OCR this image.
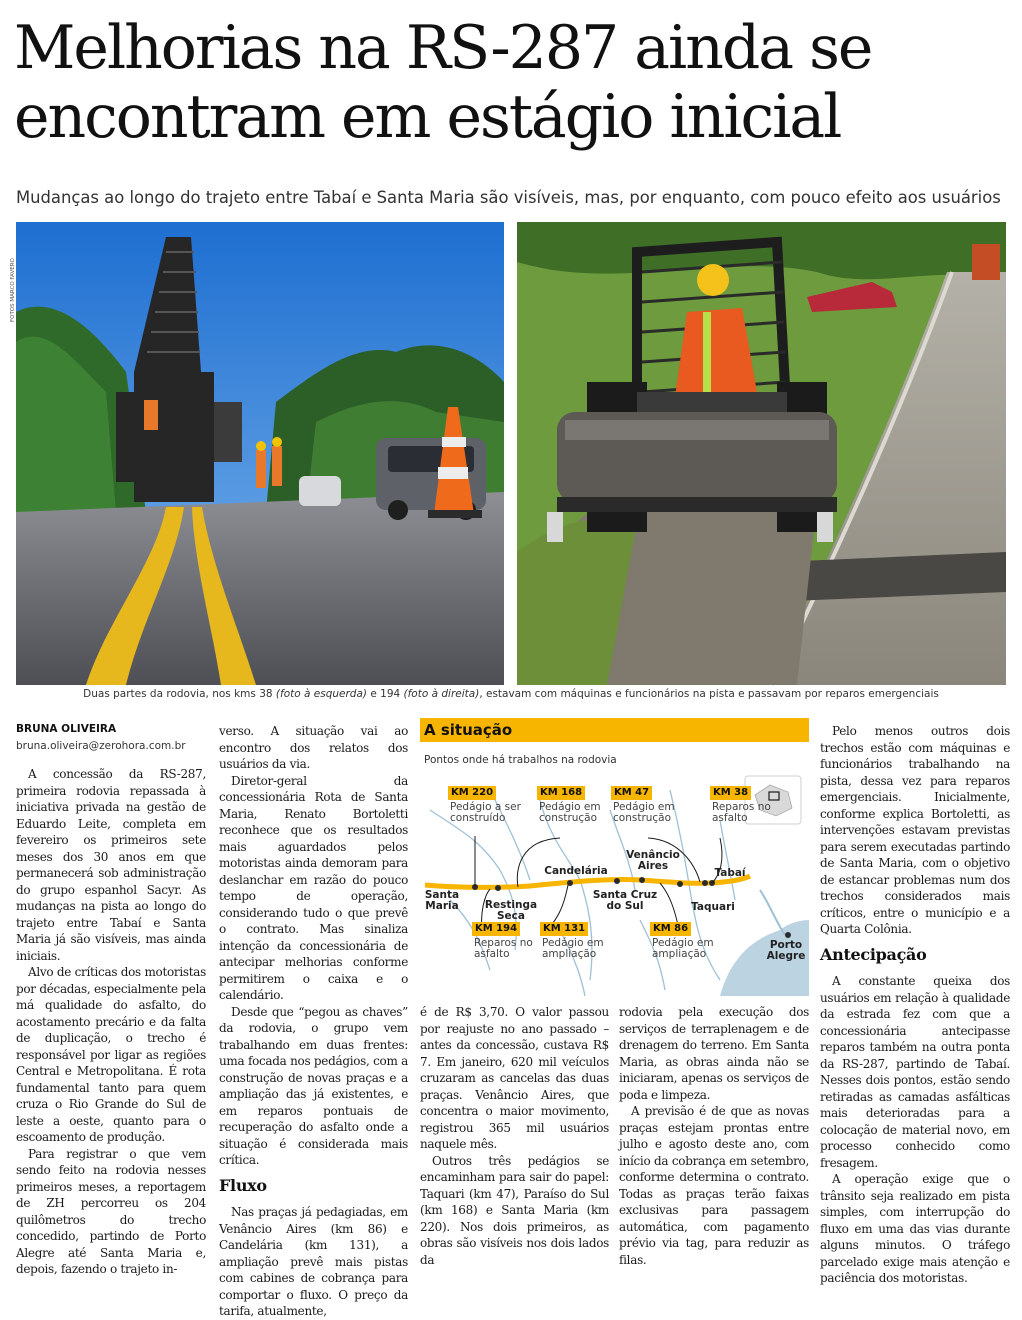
Melhorias na RS-287 ainda se
encontram em estágio inicial
Mudanças ao longo do trajeto entre Tabaí e Santa Maria são visíveis, mas, por enquanto, com pouco efeito aos usuários
FOTOS MARCO FAVERO
Duas partes da rodovia, nos kms 38 (foto à esquerda) e 194 (foto à direita), estavam com máquinas e funcionários na pista e passavam por reparos emergenciais
BRUNA OLIVEIRA
bruna.oliveira@zerohora.com.br

A concessão da RS-287, primeira rodovia repassada à iniciativa privada na gestão de Eduardo Leite, completa em fevereiro os primeiros sete meses dos 30 anos em que permanecerá sob administração do grupo espanhol Sacyr. As mudanças na pista ao longo do trajeto entre Tabaí e Santa Maria já são visíveis, mas ainda iniciais.

Alvo de críticas dos motoristas por décadas, especialmente pela má qualidade do asfalto, do acostamento precário e da falta de duplicação, o trecho é responsável por ligar as regiões Central e Metropolitana. É rota fundamental tanto para quem cruza o Rio Grande do Sul de leste a oeste, quanto para o escoamento de produção.

Para registrar o que vem sendo feito na rodovia nesses primeiros meses, a reportagem de ZH percorreu os 204 quilômetros do trecho concedido, partindo de Porto Alegre até Santa Maria e, depois, fazendo o trajeto in-

verso. A situação vai ao encontro dos relatos dos usuários da via.

Diretor-geral da concessionária Rota de Santa Maria, Renato Bortoletti reconhece que os resultados mais aguardados pelos motoristas ainda demoram para deslanchar em razão do pouco tempo de operação, considerando tudo o que prevê o contrato. Mas sinaliza intenção da concessionária de antecipar melhorias conforme permitirem o caixa e o calendário.

Desde que “pegou as chaves” da rodovia, o grupo vem trabalhando em duas frentes: uma focada nos pedágios, com a construção de novas praças e a ampliação das já existentes, e em reparos pontuais de recuperação do asfalto onde a situação é considerada mais crítica.

Fluxo

Nas praças já pedagiadas, em Venâncio Aires (km 86) e Candelária (km 131), a ampliação prevê mais pistas com cabines de cobrança para comportar o fluxo. O preço da tarifa, atualmente,

A situação
Pontos onde há trabalhos na rodovia
KM 220
Pedágio a ser construído
KM 168
Pedágio em construção
KM 47
Pedágio em construção
KM 38
Reparos no asfalto
KM 194
Reparos no asfalto
KM 131
Pedágio em ampliação
KM 86
Pedágio em ampliação
Santa Maria	Restinga Seca
Candelária
Santa Cruz do Sul
Venâncio Aires
Taquari
Tabaí
Porto Alegre

é de R$ 3,70. O valor passou por reajuste no ano passado – antes da concessão, custava R$ 7. Em janeiro, 620 mil veículos cruzaram as cancelas das duas praças. Venâncio Aires, que concentra o maior movimento, registrou 365 mil usuários naquele mês.

Outros três pedágios se encaminham para sair do papel: Taquari (km 47), Paraíso do Sul (km 168) e Santa Maria (km 220). Nos dois primeiros, as obras são visíveis nos dois lados da

rodovia pela execução dos serviços de terraplenagem e de drenagem do terreno. Em Santa Maria, as obras ainda não se iniciaram, apenas os serviços de poda e limpeza.

A previsão é de que as novas praças estejam prontas entre julho e agosto deste ano, com início da cobrança em setembro, conforme determina o contrato. Todas as praças terão faixas exclusivas para passagem automática, com pagamento prévio via tag, para reduzir as filas.

Pelo menos outros dois trechos estão com máquinas e funcionários trabalhando na pista, dessa vez para reparos emergenciais. Inicialmente, conforme explica Bortoletti, as intervenções estavam previstas para serem executadas partindo de Santa Maria, com o objetivo de estancar problemas num dos trechos considerados mais críticos, entre o município e a Quarta Colônia.

Antecipação

A constante queixa dos usuários em relação à qualidade da estrada fez com que a concessionária antecipasse reparos também na outra ponta da RS-287, partindo de Tabaí. Nesses dois pontos, estão sendo retiradas as camadas asfálticas mais deterioradas para a colocação de material novo, em processo conhecido como fresagem.

A operação exige que o trânsito seja realizado em pista simples, com interrupção do fluxo em uma das vias durante alguns minutos. O tráfego parcelado exige mais atenção e paciência dos motoristas.
